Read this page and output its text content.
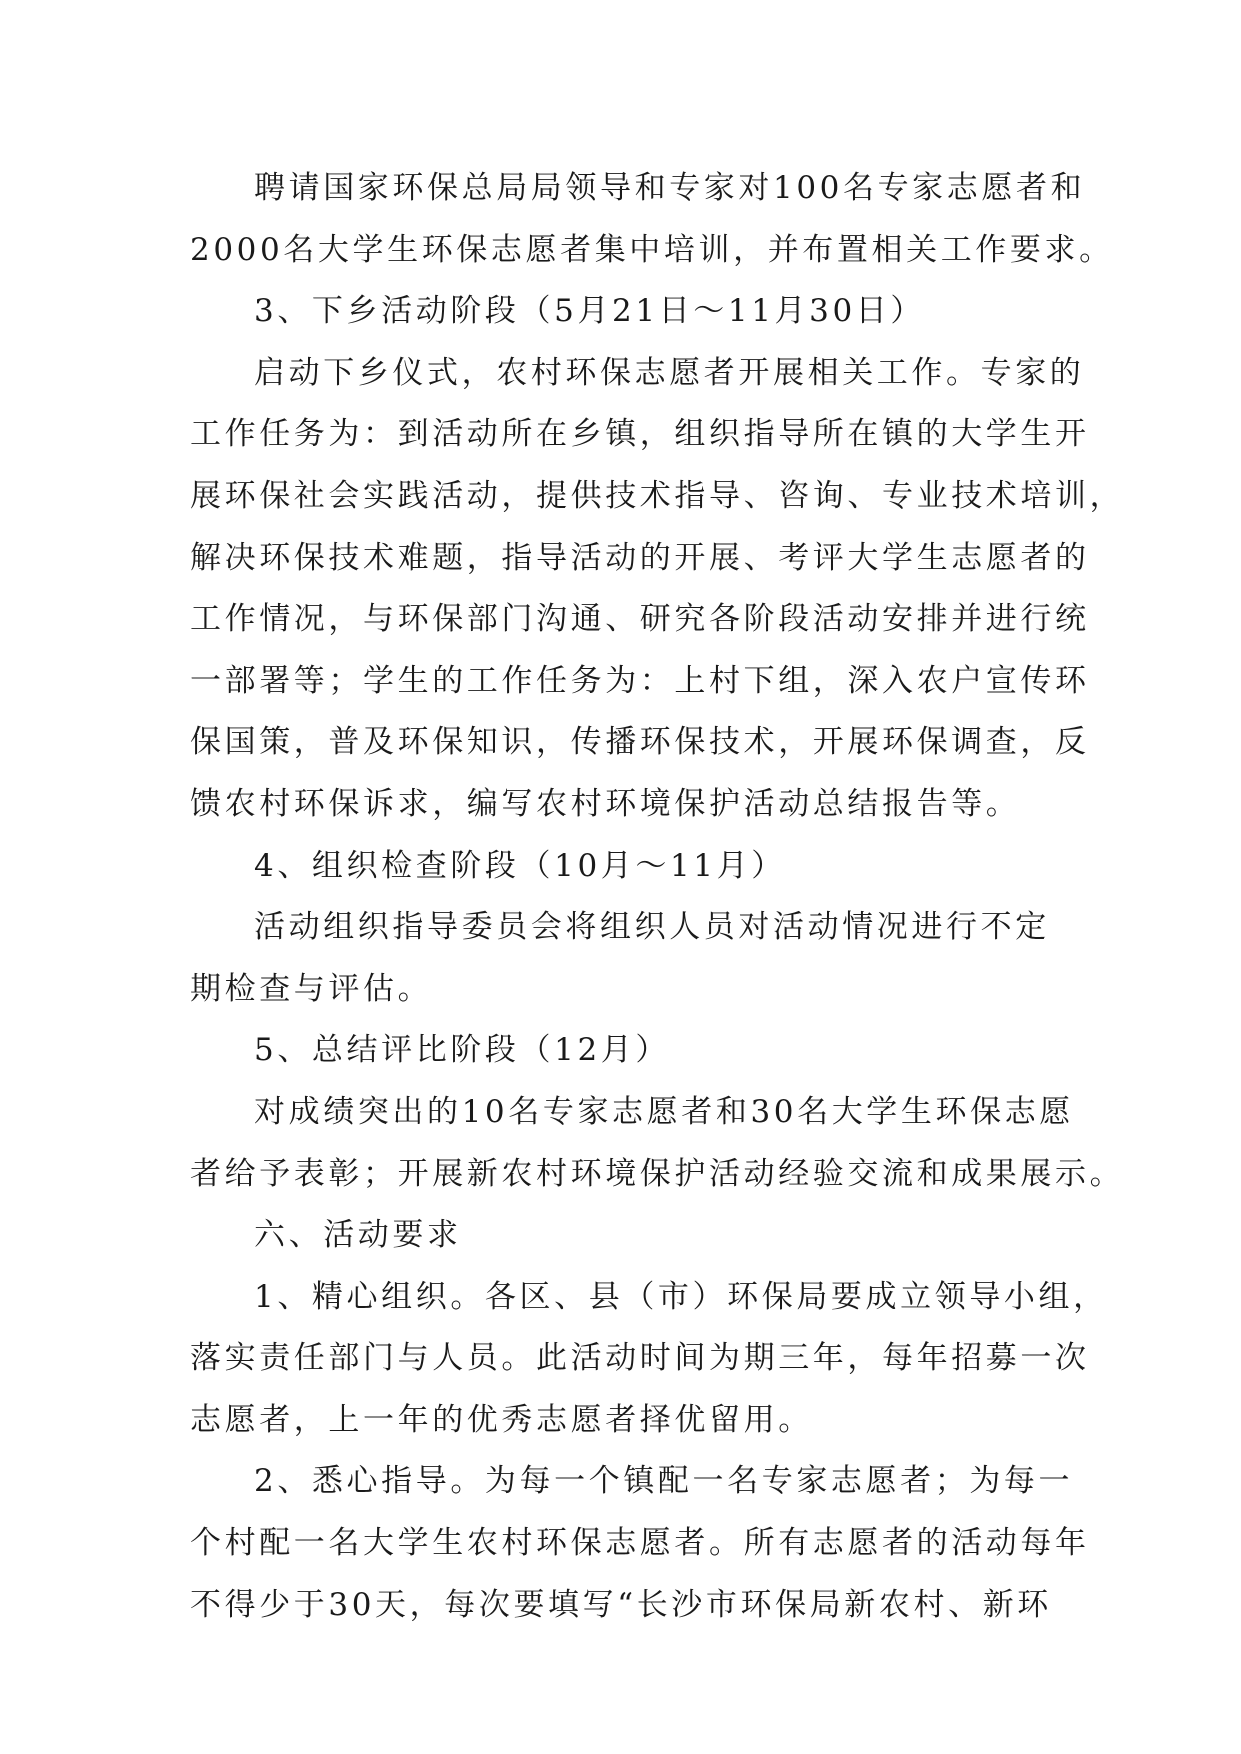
聘请国家环保总局局领导和专家对100名专家志愿者和
2000名大学生环保志愿者集中培训，并布置相关工作要求。
3、下乡活动阶段（5月21日～11月30日）
启动下乡仪式，农村环保志愿者开展相关工作。专家的
工作任务为：到活动所在乡镇，组织指导所在镇的大学生开
展环保社会实践活动，提供技术指导、咨询、专业技术培训，
解决环保技术难题，指导活动的开展、考评大学生志愿者的
工作情况，与环保部门沟通、研究各阶段活动安排并进行统
一部署等；学生的工作任务为：上村下组，深入农户宣传环
保国策，普及环保知识，传播环保技术，开展环保调查，反
馈农村环保诉求，编写农村环境保护活动总结报告等。
4、组织检查阶段（10月～11月）
活动组织指导委员会将组织人员对活动情况进行不定
期检查与评估。
5、总结评比阶段（12月）
对成绩突出的10名专家志愿者和30名大学生环保志愿
者给予表彰；开展新农村环境保护活动经验交流和成果展示。
六、活动要求
1、精心组织。各区、县（市）环保局要成立领导小组，
落实责任部门与人员。此活动时间为期三年，每年招募一次
志愿者，上一年的优秀志愿者择优留用。
2、悉心指导。为每一个镇配一名专家志愿者；为每一
个村配一名大学生农村环保志愿者。所有志愿者的活动每年
不得少于30天，每次要填写“长沙市环保局新农村、新环
